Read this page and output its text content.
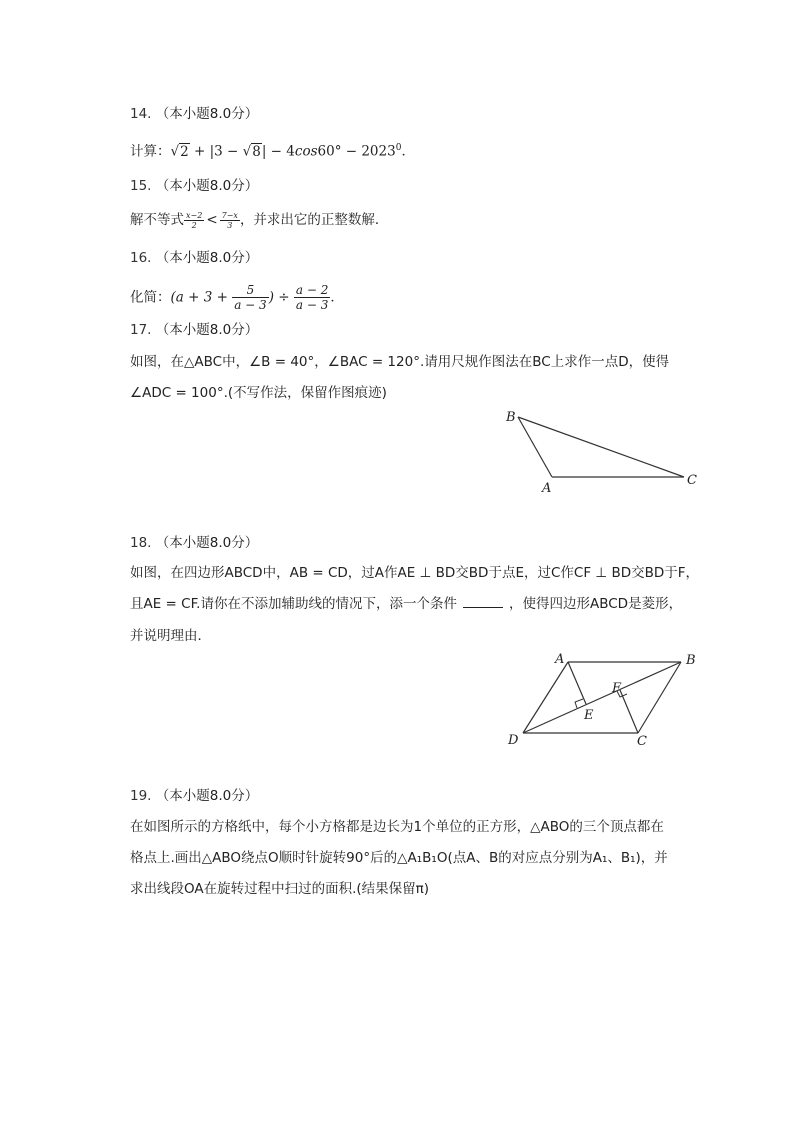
14. （本小题8.0分）
计算：$√2 + |3 - √8| - 4\cos 60^\circ - 2023^0$．
15. （本小题8.0分）
解不等式 $\frac{x-2}{2} < \frac{7-x}{3}$ ，并求出它的正整数解．
16. （本小题8.0分）
化简：($a + 3 + \frac{5}{a - 3}$ ) ÷ $\frac{a - 2}{a - 3}$ ．
17. （本小题8.0分）
如图，在△ABC中，∠B = 40°，∠BAC = 120°.请用尺规作图法在BC上求作一点D，使得
∠ADC = 100°.(不写作法，保留作图痕迹)
B
A
C
18. （本小题8.0分）
如图，在四边形ABCD中，AB = CD，过A作AE ⊥ BD交BD于点E，过C作CF ⊥ BD交BD于F，
且AE = CF.请你在不添加辅助线的情况下，添一个条件	，使得四边形ABCD是菱形，
并说明理由．
A	B
C
D
E
F
19. （本小题8.0分）
在如图所示的方格纸中，每个小方格都是边长为1个单位的正方形，△ABO的三个顶点都在
格点上.画出△ABO绕点O顺时针旋转90°后的△A₁B₁O(点A、B的对应点分别为A₁、B₁)，并
求出线段OA在旋转过程中扫过的面积.(结果保留π)
